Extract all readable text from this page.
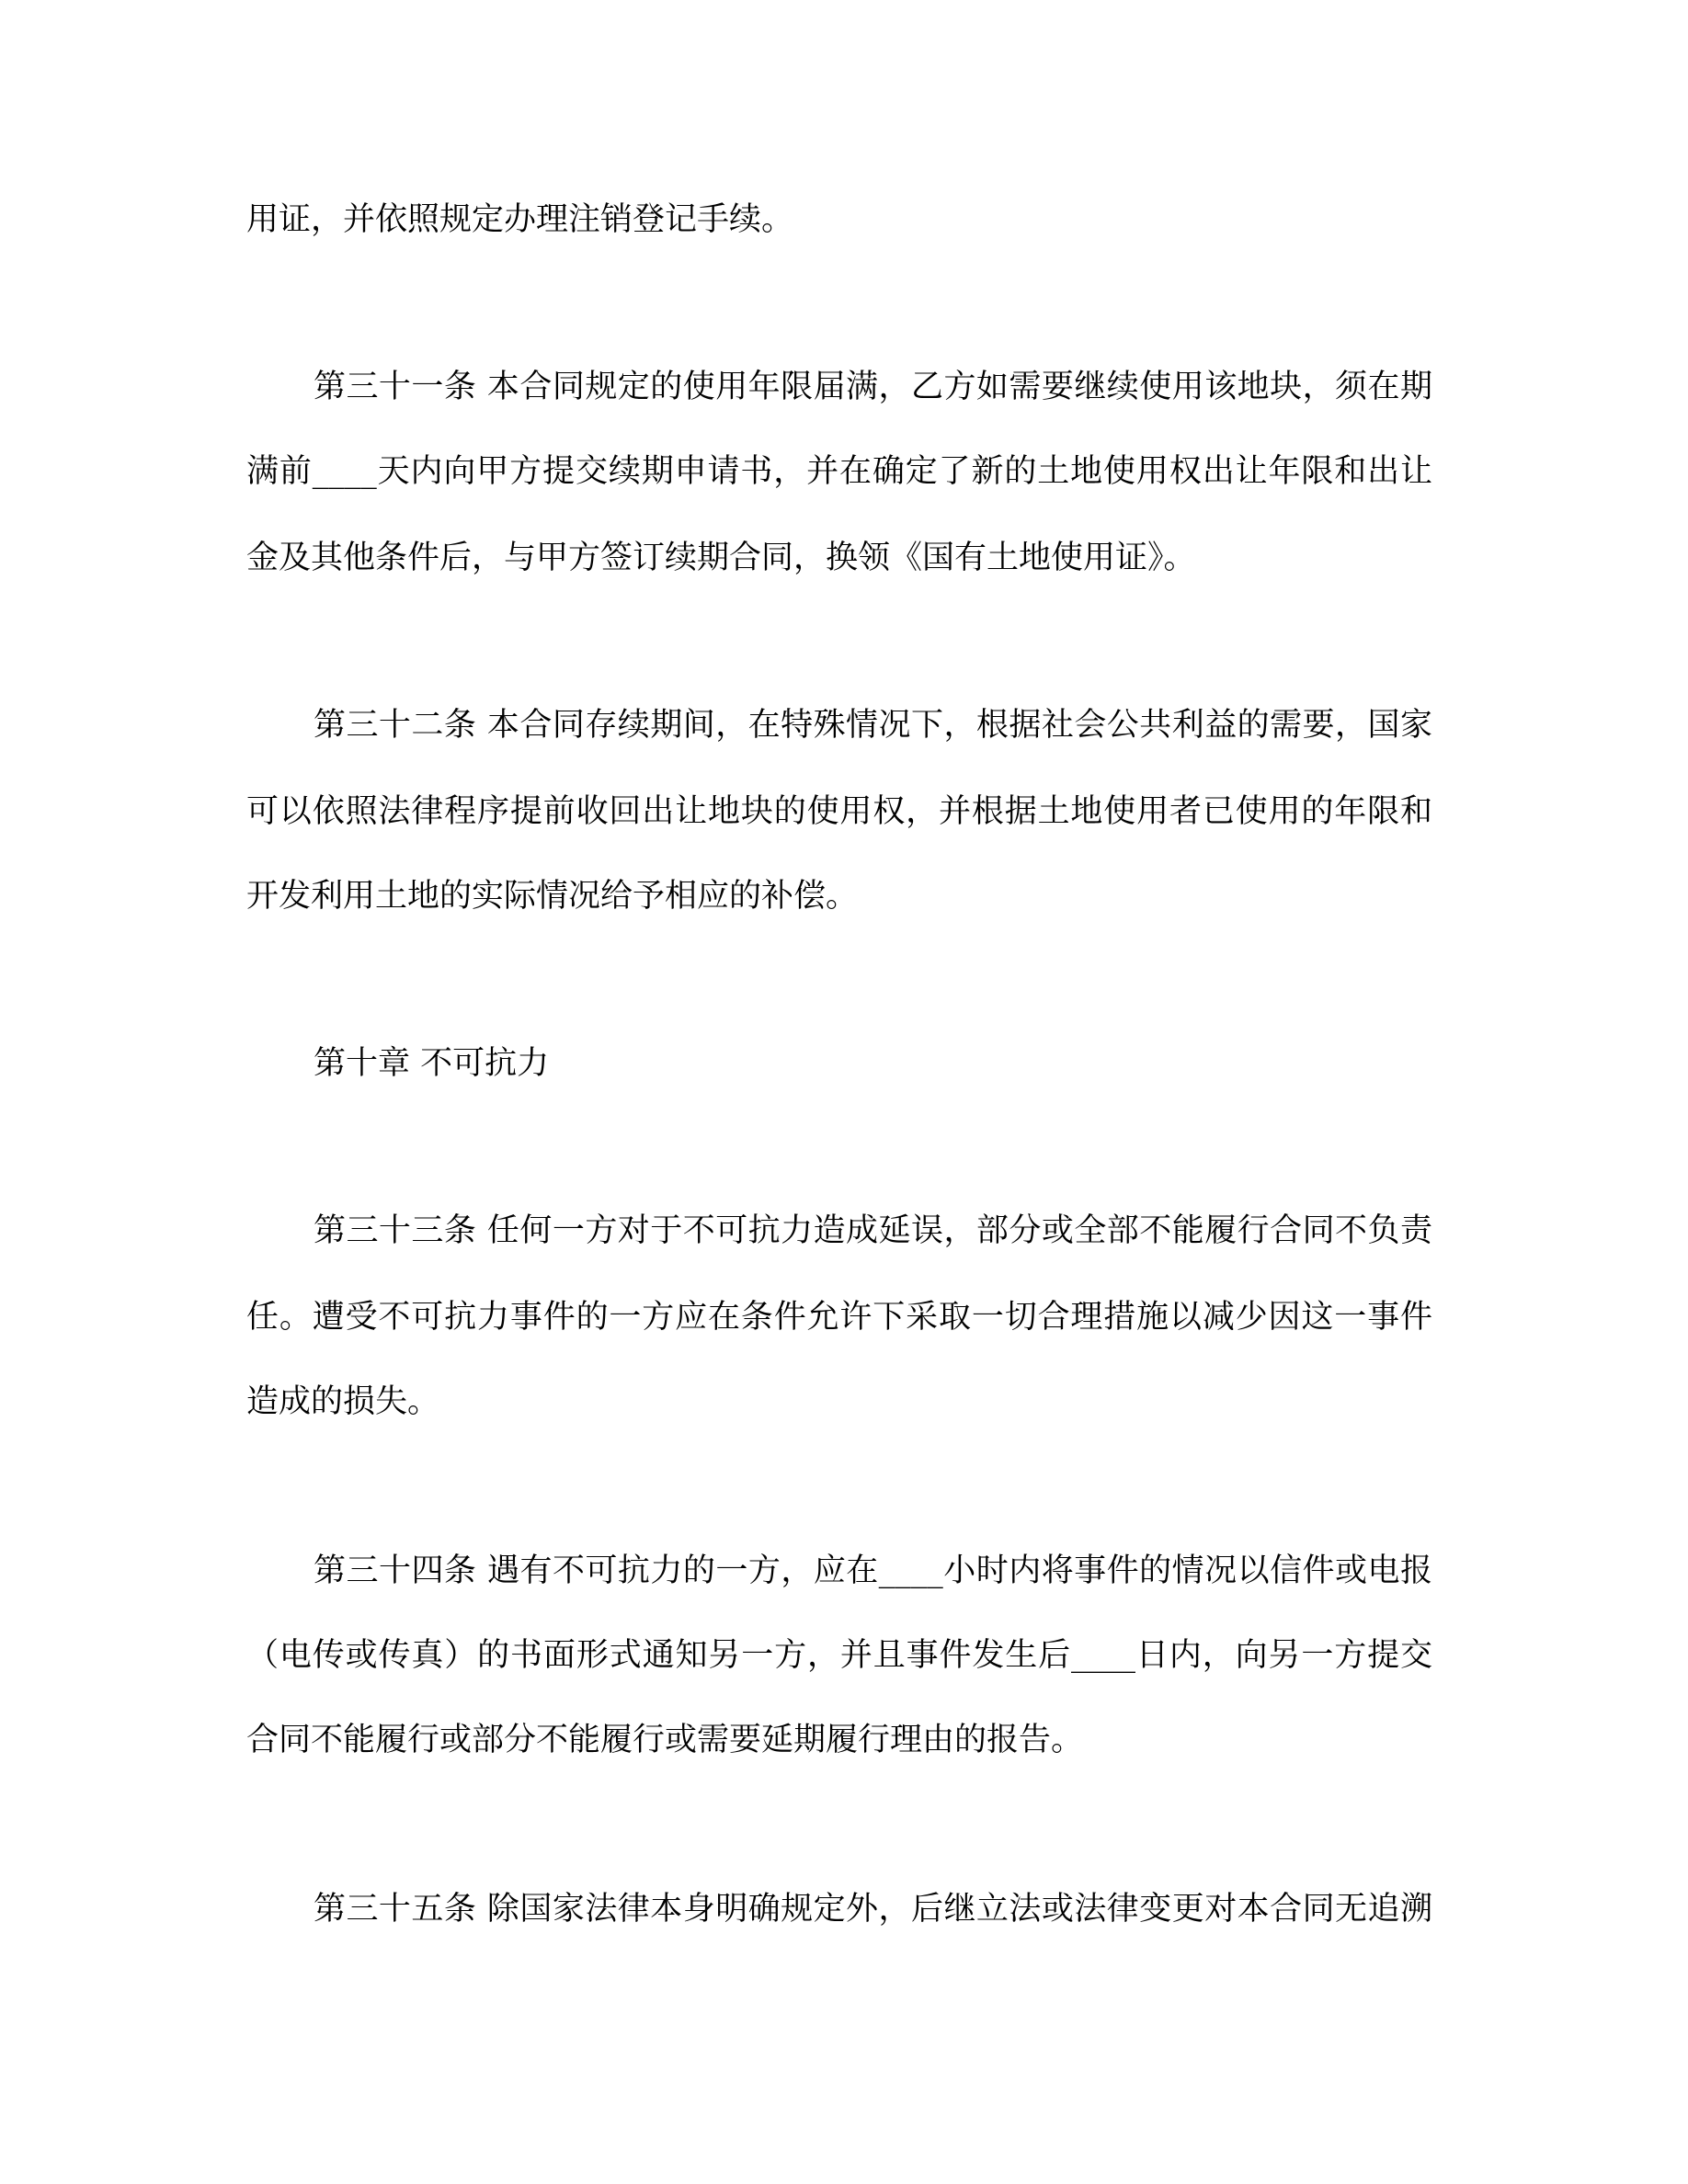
用证，并依照规定办理注销登记手续。

第三十一条 本合同规定的使用年限届满，乙方如需要继续使用该地块，须在期

满前____天内向甲方提交续期申请书，并在确定了新的土地使用权出让年限和出让

金及其他条件后，与甲方签订续期合同，换领《国有土地使用证》。

第三十二条 本合同存续期间，在特殊情况下，根据社会公共利益的需要，国家

可以依照法律程序提前收回出让地块的使用权，并根据土地使用者已使用的年限和

开发利用土地的实际情况给予相应的补偿。

第十章 不可抗力

第三十三条 任何一方对于不可抗力造成延误，部分或全部不能履行合同不负责

任。遭受不可抗力事件的一方应在条件允许下采取一切合理措施以减少因这一事件

造成的损失。

第三十四条 遇有不可抗力的一方，应在____小时内将事件的情况以信件或电报

（电传或传真）的书面形式通知另一方，并且事件发生后____日内，向另一方提交

合同不能履行或部分不能履行或需要延期履行理由的报告。

第三十五条 除国家法律本身明确规定外，后继立法或法律变更对本合同无追溯
